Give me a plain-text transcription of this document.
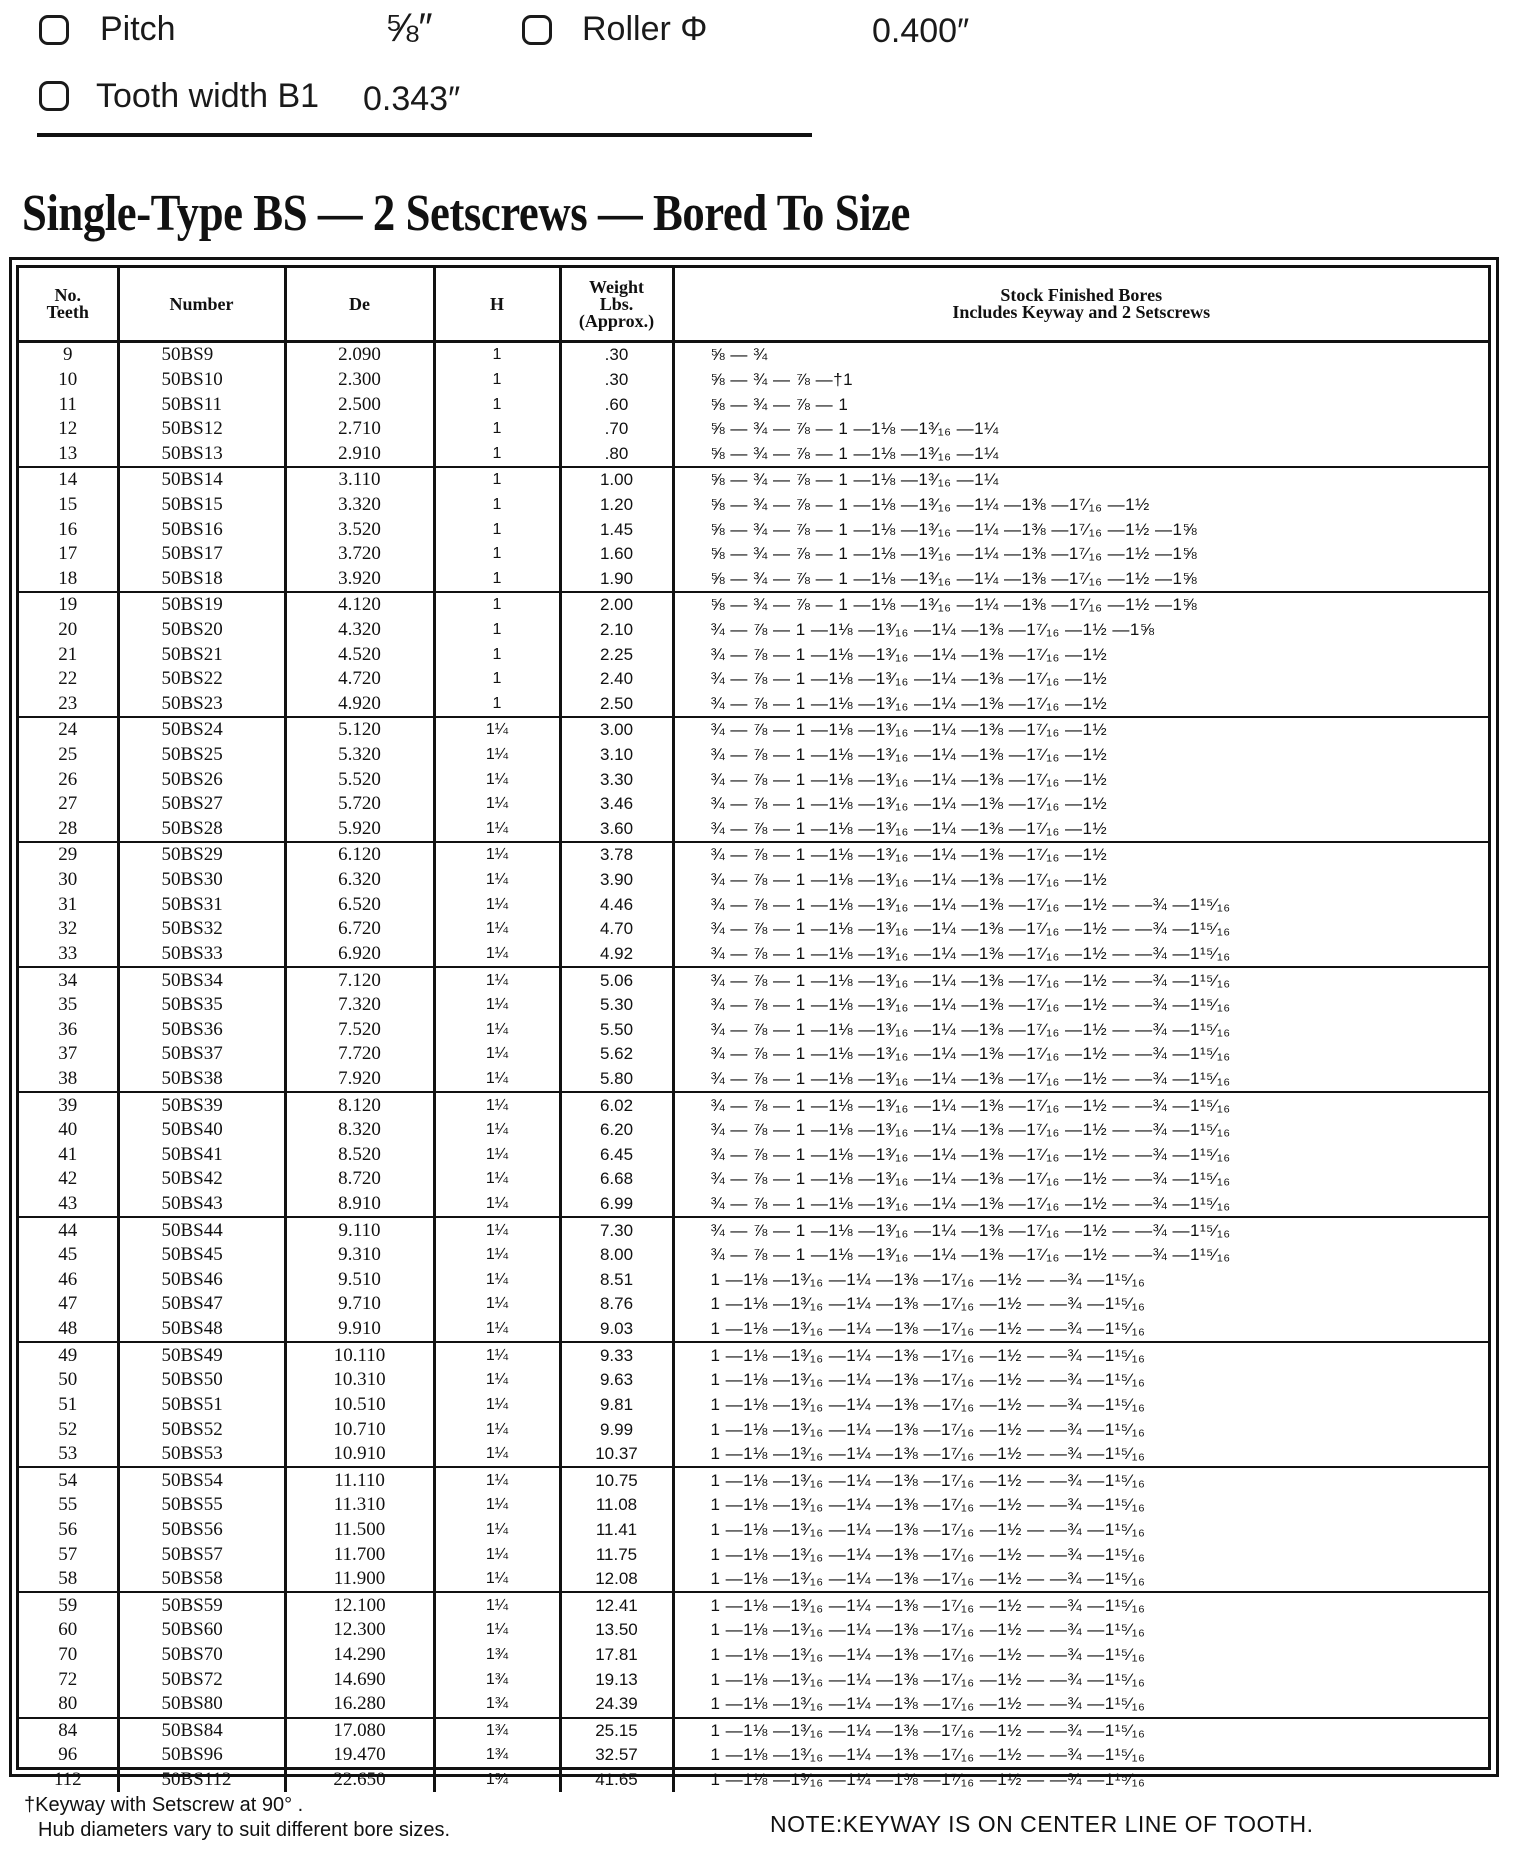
Pitch	⅝″	Roller Φ	0.400″
Tooth width B1 0.343″
Single-Type BS — 2 Setscrews — Bored To Size
No.
Teeth	Number	De	H	Weight
Lbs.
(Approx.)	Stock Finished Bores
Includes Keyway and 2 Setscrews
9	50BS9	2.090	1	.30	⅝ — ¾
10	50BS10	2.300	1	.30	⅝ — ¾ — ⅞ —†1
11	50BS11	2.500	1	.60	⅝ — ¾ — ⅞ — 1
12	50BS12	2.710	1	.70	⅝ — ¾ — ⅞ — 1 —1⅛ —1³⁄₁₆ —1¼
13	50BS13	2.910	1	.80	⅝ — ¾ — ⅞ — 1 —1⅛ —1³⁄₁₆ —1¼
14	50BS14	3.110	1	1.00	⅝ — ¾ — ⅞ — 1 —1⅛ —1³⁄₁₆ —1¼
15	50BS15	3.320	1	1.20	⅝ — ¾ — ⅞ — 1 —1⅛ —1³⁄₁₆ —1¼ —1⅜ —1⁷⁄₁₆ —1½
16	50BS16	3.520	1	1.45	⅝ — ¾ — ⅞ — 1 —1⅛ —1³⁄₁₆ —1¼ —1⅜ —1⁷⁄₁₆ —1½ —1⅝
17	50BS17	3.720	1	1.60	⅝ — ¾ — ⅞ — 1 —1⅛ —1³⁄₁₆ —1¼ —1⅜ —1⁷⁄₁₆ —1½ —1⅝
18	50BS18	3.920	1	1.90	⅝ — ¾ — ⅞ — 1 —1⅛ —1³⁄₁₆ —1¼ —1⅜ —1⁷⁄₁₆ —1½ —1⅝
19	50BS19	4.120	1	2.00	⅝ — ¾ — ⅞ — 1 —1⅛ —1³⁄₁₆ —1¼ —1⅜ —1⁷⁄₁₆ —1½ —1⅝
20	50BS20	4.320	1	2.10	¾ — ⅞ — 1 —1⅛ —1³⁄₁₆ —1¼ —1⅜ —1⁷⁄₁₆ —1½ —1⅝
21	50BS21	4.520	1	2.25	¾ — ⅞ — 1 —1⅛ —1³⁄₁₆ —1¼ —1⅜ —1⁷⁄₁₆ —1½
22	50BS22	4.720	1	2.40	¾ — ⅞ — 1 —1⅛ —1³⁄₁₆ —1¼ —1⅜ —1⁷⁄₁₆ —1½
23	50BS23	4.920	1	2.50	¾ — ⅞ — 1 —1⅛ —1³⁄₁₆ —1¼ —1⅜ —1⁷⁄₁₆ —1½
24	50BS24	5.120	1¼	3.00	¾ — ⅞ — 1 —1⅛ —1³⁄₁₆ —1¼ —1⅜ —1⁷⁄₁₆ —1½
25	50BS25	5.320	1¼	3.10	¾ — ⅞ — 1 —1⅛ —1³⁄₁₆ —1¼ —1⅜ —1⁷⁄₁₆ —1½
26	50BS26	5.520	1¼	3.30	¾ — ⅞ — 1 —1⅛ —1³⁄₁₆ —1¼ —1⅜ —1⁷⁄₁₆ —1½
27	50BS27	5.720	1¼	3.46	¾ — ⅞ — 1 —1⅛ —1³⁄₁₆ —1¼ —1⅜ —1⁷⁄₁₆ —1½
28	50BS28	5.920	1¼	3.60	¾ — ⅞ — 1 —1⅛ —1³⁄₁₆ —1¼ —1⅜ —1⁷⁄₁₆ —1½
29	50BS29	6.120	1¼	3.78	¾ — ⅞ — 1 —1⅛ —1³⁄₁₆ —1¼ —1⅜ —1⁷⁄₁₆ —1½
30	50BS30	6.320	1¼	3.90	¾ — ⅞ — 1 —1⅛ —1³⁄₁₆ —1¼ —1⅜ —1⁷⁄₁₆ —1½
31	50BS31	6.520	1¼	4.46	¾ — ⅞ — 1 —1⅛ —1³⁄₁₆ —1¼ —1⅜ —1⁷⁄₁₆ —1½ — —¾ —1¹⁵⁄₁₆
32	50BS32	6.720	1¼	4.70	¾ — ⅞ — 1 —1⅛ —1³⁄₁₆ —1¼ —1⅜ —1⁷⁄₁₆ —1½ — —¾ —1¹⁵⁄₁₆
33	50BS33	6.920	1¼	4.92	¾ — ⅞ — 1 —1⅛ —1³⁄₁₆ —1¼ —1⅜ —1⁷⁄₁₆ —1½ — —¾ —1¹⁵⁄₁₆
34	50BS34	7.120	1¼	5.06	¾ — ⅞ — 1 —1⅛ —1³⁄₁₆ —1¼ —1⅜ —1⁷⁄₁₆ —1½ — —¾ —1¹⁵⁄₁₆
35	50BS35	7.320	1¼	5.30	¾ — ⅞ — 1 —1⅛ —1³⁄₁₆ —1¼ —1⅜ —1⁷⁄₁₆ —1½ — —¾ —1¹⁵⁄₁₆
36	50BS36	7.520	1¼	5.50	¾ — ⅞ — 1 —1⅛ —1³⁄₁₆ —1¼ —1⅜ —1⁷⁄₁₆ —1½ — —¾ —1¹⁵⁄₁₆
37	50BS37	7.720	1¼	5.62	¾ — ⅞ — 1 —1⅛ —1³⁄₁₆ —1¼ —1⅜ —1⁷⁄₁₆ —1½ — —¾ —1¹⁵⁄₁₆
38	50BS38	7.920	1¼	5.80	¾ — ⅞ — 1 —1⅛ —1³⁄₁₆ —1¼ —1⅜ —1⁷⁄₁₆ —1½ — —¾ —1¹⁵⁄₁₆
39	50BS39	8.120	1¼	6.02	¾ — ⅞ — 1 —1⅛ —1³⁄₁₆ —1¼ —1⅜ —1⁷⁄₁₆ —1½ — —¾ —1¹⁵⁄₁₆
40	50BS40	8.320	1¼	6.20	¾ — ⅞ — 1 —1⅛ —1³⁄₁₆ —1¼ —1⅜ —1⁷⁄₁₆ —1½ — —¾ —1¹⁵⁄₁₆
41	50BS41	8.520	1¼	6.45	¾ — ⅞ — 1 —1⅛ —1³⁄₁₆ —1¼ —1⅜ —1⁷⁄₁₆ —1½ — —¾ —1¹⁵⁄₁₆
42	50BS42	8.720	1¼	6.68	¾ — ⅞ — 1 —1⅛ —1³⁄₁₆ —1¼ —1⅜ —1⁷⁄₁₆ —1½ — —¾ —1¹⁵⁄₁₆
43	50BS43	8.910	1¼	6.99	¾ — ⅞ — 1 —1⅛ —1³⁄₁₆ —1¼ —1⅜ —1⁷⁄₁₆ —1½ — —¾ —1¹⁵⁄₁₆
44	50BS44	9.110	1¼	7.30	¾ — ⅞ — 1 —1⅛ —1³⁄₁₆ —1¼ —1⅜ —1⁷⁄₁₆ —1½ — —¾ —1¹⁵⁄₁₆
45	50BS45	9.310	1¼	8.00	¾ — ⅞ — 1 —1⅛ —1³⁄₁₆ —1¼ —1⅜ —1⁷⁄₁₆ —1½ — —¾ —1¹⁵⁄₁₆
46	50BS46	9.510	1¼	8.51	1 —1⅛ —1³⁄₁₆ —1¼ —1⅜ —1⁷⁄₁₆ —1½ — —¾ —1¹⁵⁄₁₆
47	50BS47	9.710	1¼	8.76	1 —1⅛ —1³⁄₁₆ —1¼ —1⅜ —1⁷⁄₁₆ —1½ — —¾ —1¹⁵⁄₁₆
48	50BS48	9.910	1¼	9.03	1 —1⅛ —1³⁄₁₆ —1¼ —1⅜ —1⁷⁄₁₆ —1½ — —¾ —1¹⁵⁄₁₆
49	50BS49	10.110	1¼	9.33	1 —1⅛ —1³⁄₁₆ —1¼ —1⅜ —1⁷⁄₁₆ —1½ — —¾ —1¹⁵⁄₁₆
50	50BS50	10.310	1¼	9.63	1 —1⅛ —1³⁄₁₆ —1¼ —1⅜ —1⁷⁄₁₆ —1½ — —¾ —1¹⁵⁄₁₆
51	50BS51	10.510	1¼	9.81	1 —1⅛ —1³⁄₁₆ —1¼ —1⅜ —1⁷⁄₁₆ —1½ — —¾ —1¹⁵⁄₁₆
52	50BS52	10.710	1¼	9.99	1 —1⅛ —1³⁄₁₆ —1¼ —1⅜ —1⁷⁄₁₆ —1½ — —¾ —1¹⁵⁄₁₆
53	50BS53	10.910	1¼	10.37	1 —1⅛ —1³⁄₁₆ —1¼ —1⅜ —1⁷⁄₁₆ —1½ — —¾ —1¹⁵⁄₁₆
54	50BS54	11.110	1¼	10.75	1 —1⅛ —1³⁄₁₆ —1¼ —1⅜ —1⁷⁄₁₆ —1½ — —¾ —1¹⁵⁄₁₆
55	50BS55	11.310	1¼	11.08	1 —1⅛ —1³⁄₁₆ —1¼ —1⅜ —1⁷⁄₁₆ —1½ — —¾ —1¹⁵⁄₁₆
56	50BS56	11.500	1¼	11.41	1 —1⅛ —1³⁄₁₆ —1¼ —1⅜ —1⁷⁄₁₆ —1½ — —¾ —1¹⁵⁄₁₆
57	50BS57	11.700	1¼	11.75	1 —1⅛ —1³⁄₁₆ —1¼ —1⅜ —1⁷⁄₁₆ —1½ — —¾ —1¹⁵⁄₁₆
58	50BS58	11.900	1¼	12.08	1 —1⅛ —1³⁄₁₆ —1¼ —1⅜ —1⁷⁄₁₆ —1½ — —¾ —1¹⁵⁄₁₆
59	50BS59	12.100	1¼	12.41	1 —1⅛ —1³⁄₁₆ —1¼ —1⅜ —1⁷⁄₁₆ —1½ — —¾ —1¹⁵⁄₁₆
60	50BS60	12.300	1¼	13.50	1 —1⅛ —1³⁄₁₆ —1¼ —1⅜ —1⁷⁄₁₆ —1½ — —¾ —1¹⁵⁄₁₆
70	50BS70	14.290	1¾	17.81	1 —1⅛ —1³⁄₁₆ —1¼ —1⅜ —1⁷⁄₁₆ —1½ — —¾ —1¹⁵⁄₁₆
72	50BS72	14.690	1¾	19.13	1 —1⅛ —1³⁄₁₆ —1¼ —1⅜ —1⁷⁄₁₆ —1½ — —¾ —1¹⁵⁄₁₆
80	50BS80	16.280	1¾	24.39	1 —1⅛ —1³⁄₁₆ —1¼ —1⅜ —1⁷⁄₁₆ —1½ — —¾ —1¹⁵⁄₁₆
84	50BS84	17.080	1¾	25.15	1 —1⅛ —1³⁄₁₆ —1¼ —1⅜ —1⁷⁄₁₆ —1½ — —¾ —1¹⁵⁄₁₆
96	50BS96	19.470	1¾	32.57	1 —1⅛ —1³⁄₁₆ —1¼ —1⅜ —1⁷⁄₁₆ —1½ — —¾ —1¹⁵⁄₁₆
112	50BS112	22.650	1¾	41.65	1 —1⅛ —1³⁄₁₆ —1¼ —1⅜ —1⁷⁄₁₆ —1½ — —¾ —1¹⁵⁄₁₆
†Keyway with Setscrew at 90° .
Hub diameters vary to suit different bore sizes.	NOTE:KEYWAY IS ON CENTER LINE OF TOOTH.
